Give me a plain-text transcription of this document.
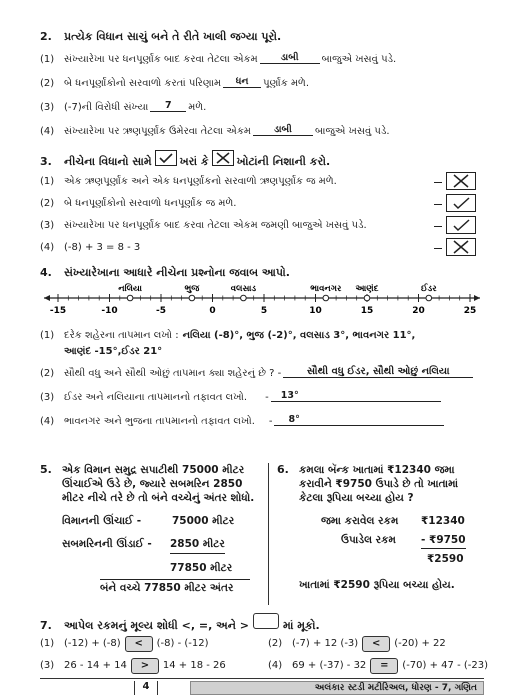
2.	પ્રત્યેક વિધાન સાચું બને તે રીતે ખાલી જગ્યા પૂરો.
(1) સંખ્યારેખા પર ધનપૂર્ણાંક બાદ કરવા તેટલા એકમ	ડાબી	બાજુએ ખસવું પડે.
(2) બે ધનપૂર્ણાંકોનો સરવાળો કરતાં પરિણામ	ધન	પૂર્ણાંક મળે.
(3) (-7)ની વિરોધી સંખ્યા	7	મળે.
(4) સંખ્યારેખા પર ઋણપૂર્ણાંક ઉમેરવા તેટલા એકમ	ડાબી	બાજુએ ખસવું પડે.
3.	નીચેના વિધાનો સામે	ખરાં કે	ખોટાંની નિશાની કરો.
(1) એક ઋણપૂર્ણાંક અને એક ધનપૂર્ણાંકનો સરવાળો ઋણપૂર્ણાંક જ મળે.
(2) બે ધનપૂર્ણાંકોનો સરવાળો ધનપૂર્ણાંક જ મળે.
(3) સંખ્યારેખા પર ધનપૂર્ણાંક બાદ કરવા તેટલા એકમ જમણી બાજુએ ખસવું પડે.
(4) (-8) + 3 = 8 - 3
4.	સંખ્યારેખાના આધારે નીચેના પ્રશ્નોના જવાબ આપો.
-15	-10	-5	0	5	10	15	20	25
નલિયા	ભુજ	વલસાડ	ભાવનગર આણંદ	ઈડર
(1) દરેક શહેરના તાપમાન લખો : નલિયા (-8)°, ભુજ (-2)°, વલસાડ 3°, ભાવનગર 11°,
આણંદ -15°,ઈડર 21°
(2) સૌથી વધુ અને સૌથી ઓછું તાપમાન ક્યા શહેરનું છે ? -	સૌથી વધુ ઈડર, સૌથી ઓછું નલિયા
(3) ઈડર અને નલિયાના તાપમાનનો તફાવત લખો. -	13°
(4) ભાવનગર અને ભુજના તાપમાનનો તફાવત લખો. -	8°
5. એક વિમાન સમુદ્ર સપાટીથી 75000 મીટર
ઊંચાઈએ ઉડે છે, જ્યારે સબમરિન 2850
મીટર નીચે તરે છે તો બંને વચ્ચેનું અંતર શોધો.
વિમાનની ઊંચાઈ -	75000 મીટર
સબમરિનની ઊંડાઈ -	2850 મીટર
77850 મીટર
બંને વચ્ચે 77850 મીટર અંતર
6. કમલા બૅન્ક ખાતામાં ₹12340 જમા
કરાવીને ₹9750 ઉપાડે છે તો ખાતામાં
કેટલા રૂપિયા બચ્યા હોય ?
જમા કરાવેલ રકમ	₹12340
ઉપાડેલ રકમ	- ₹9750
₹2590
ખાતામાં ₹2590 રૂપિયા બચ્યા હોય.
7.	આપેલ રકમનું મૂલ્ય શોધી <, =, અને >	માં મૂકો.
(1) (-12) + (-8)	<	(-8) - (-12)	(2) (-7) + 12 (-3)	<	(-20) + 22
(3) 26 - 14 + 14	>	14 + 18 - 26	(4) 69 + (-37) - 32	=	(-70) + 47 - (-23)
4	અલંકાર સ્ટડી મટીરિઅલ, ધોરણ - 7, ગણિત
